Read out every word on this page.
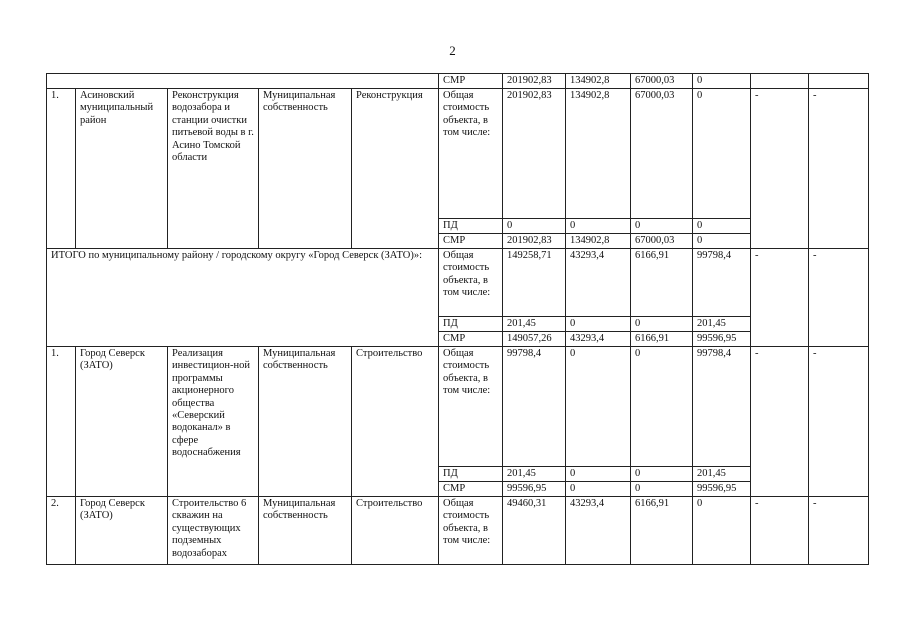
2
					СМР	201902,83	134902,8	67000,03	0		
1.	Асиновский муниципальный район	Реконструкция водозабора и станции очистки питьевой воды в г. Асино Томской области	Муниципальная собственность	Реконструкция	Общая стоимость объекта, в том числе:	201902,83	134902,8	67000,03	0	-	-
					ПД	0	0	0	0		
					СМР	201902,83	134902,8	67000,03	0		
ИТОГО по муниципальному району / городскому округу «Город Северск (ЗАТО)»:					Общая стоимость объекта, в том числе:	149258,71	43293,4	6166,91	99798,4	-	-
					ПД	201,45	0	0	201,45		
					СМР	149057,26	43293,4	6166,91	99596,95		
1.	Город Северск (ЗАТО)	Реализация инвестицион-ной программы акционерного общества «Северский водоканал» в сфере водоснабжения	Муниципальная собственность	Строительство	Общая стоимость объекта, в том числе:	99798,4	0	0	99798,4	-	-
					ПД	201,45	0	0	201,45		
					СМР	99596,95	0	0	99596,95		
2.	Город Северск (ЗАТО)	Строительство 6 скважин на существующих подземных водозаборах	Муниципальная собственность	Строительство	Общая стоимость объекта, в том числе:	49460,31	43293,4	6166,91	0	-	-
